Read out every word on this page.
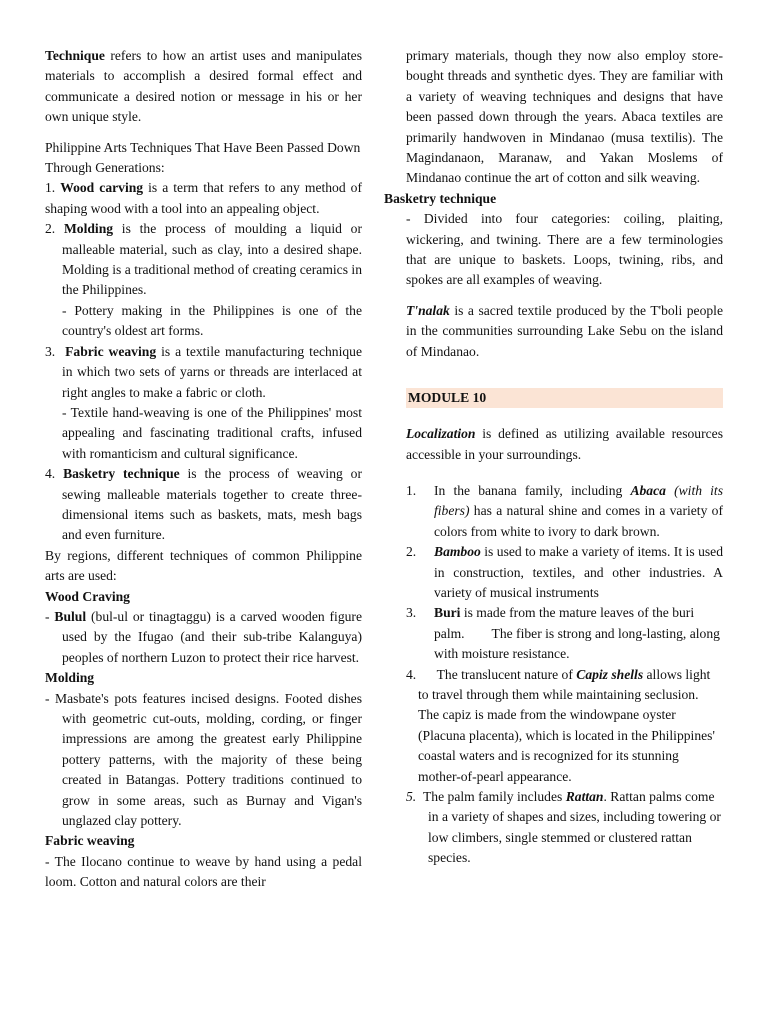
Technique refers to how an artist uses and manipulates materials to accomplish a desired formal effect and communicate a desired notion or message in his or her own unique style.

Philippine Arts Techniques That Have Been Passed Down Through Generations:

1. Wood carving is a term that refers to any method of shaping wood with a tool into an appealing object.

2. Molding is the process of moulding a liquid or malleable material, such as clay, into a desired shape. Molding is a traditional method of creating ceramics in the Philippines.

- Pottery making in the Philippines is one of the country's oldest art forms.

3. Fabric weaving is a textile manufacturing technique in which two sets of yarns or threads are interlaced at right angles to make a fabric or cloth.

- Textile hand-weaving is one of the Philippines' most appealing and fascinating traditional crafts, infused with romanticism and cultural significance.

4. Basketry technique is the process of weaving or sewing malleable materials together to create three-dimensional items such as baskets, mats, mesh bags and even furniture.

By regions, different techniques of common Philippine arts are used:

Wood Craving

- Bulul (bul-ul or tinagtaggu) is a carved wooden figure used by the Ifugao (and their sub-tribe Kalanguya) peoples of northern Luzon to protect their rice harvest.

Molding

- Masbate's pots features incised designs. Footed dishes with geometric cut-outs, molding, cording, or finger impressions are among the greatest early Philippine pottery patterns, with the majority of these being created in Batangas. Pottery traditions continued to grow in some areas, such as Burnay and Vigan's unglazed clay pottery.

Fabric weaving

- The Ilocano continue to weave by hand using a pedal loom. Cotton and natural colors are their

primary materials, though they now also employ store-bought threads and synthetic dyes. They are familiar with a variety of weaving techniques and designs that have been passed down through the years. Abaca textiles are primarily handwoven in Mindanao (musa textilis). The Magindanaon, Maranaw, and Yakan Moslems of Mindanao continue the art of cotton and silk weaving.

Basketry technique

- Divided into four categories: coiling, plaiting, wickering, and twining. There are a few terminologies that are unique to baskets. Loops, twining, ribs, and spokes are all examples of weaving.

T'nalak is a sacred textile produced by the T'boli people in the communities surrounding Lake Sebu on the island of Mindanao.

MODULE 10

Localization is defined as utilizing available resources accessible in your surroundings.

1.	In the banana family, including Abaca (with its fibers) has a natural shine and comes in a variety of colors from white to ivory to dark brown.
2.	Bamboo is used to make a variety of items. It is used in construction, textiles, and other industries. A variety of musical instruments
3.	Buri is made from the mature leaves of the buri palm.        The fiber is strong and long-lasting, along with moisture resistance.
4. The translucent nature of Capiz shells allows light to travel through them while maintaining seclusion.   The capiz is made from the windowpane oyster (Placuna placenta), which is located in the Philippines' coastal waters and is recognized for its stunning mother-of-pearl appearance.
5. The palm family includes Rattan. Rattan palms come in a variety of shapes and sizes, including towering or low climbers, single stemmed or clustered rattan species.
